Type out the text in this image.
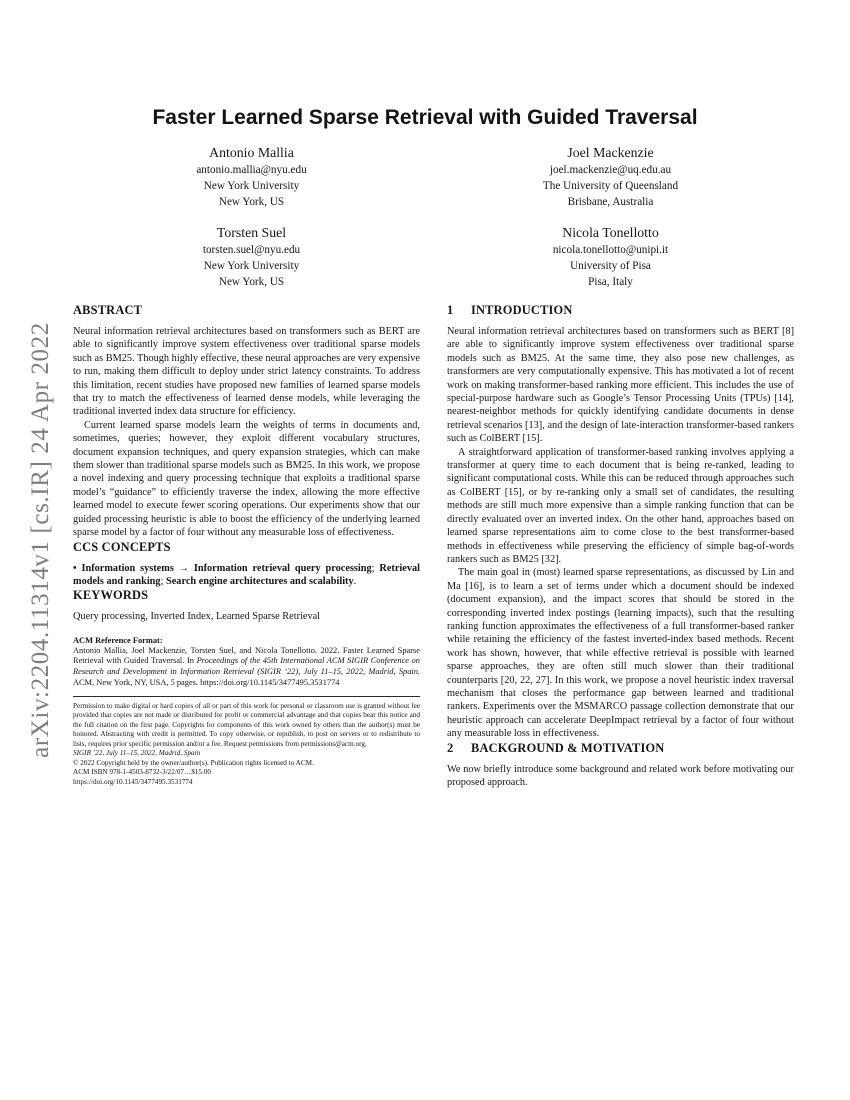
arXiv:2204.11314v1 [cs.IR] 24 Apr 2022
Faster Learned Sparse Retrieval with Guided Traversal
Antonio Mallia
antonio.mallia@nyu.edu
New York University
New York, US
Joel Mackenzie
joel.mackenzie@uq.edu.au
The University of Queensland
Brisbane, Australia
Torsten Suel
torsten.suel@nyu.edu
New York University
New York, US
Nicola Tonellotto
nicola.tonellotto@unipi.it
University of Pisa
Pisa, Italy
ABSTRACT

Neural information retrieval architectures based on transformers such as BERT are able to significantly improve system effectiveness over traditional sparse models such as BM25. Though highly effective, these neural approaches are very expensive to run, making them difficult to deploy under strict latency constraints. To address this limitation, recent studies have proposed new families of learned sparse models that try to match the effectiveness of learned dense models, while leveraging the traditional inverted index data structure for efficiency.

Current learned sparse models learn the weights of terms in documents and, sometimes, queries; however, they exploit different vocabulary structures, document expansion techniques, and query expansion strategies, which can make them slower than traditional sparse models such as BM25. In this work, we propose a novel indexing and query processing technique that exploits a traditional sparse model’s “guidance” to efficiently traverse the index, allowing the more effective learned model to execute fewer scoring operations. Our experiments show that our guided processing heuristic is able to boost the efficiency of the underlying learned sparse model by a factor of four without any measurable loss of effectiveness.

CCS CONCEPTS

• Information systems → Information retrieval query processing; Retrieval models and ranking; Search engine architectures and scalability.

KEYWORDS

Query processing, Inverted Index, Learned Sparse Retrieval

ACM Reference Format:

Antonio Mallia, Joel Mackenzie, Torsten Suel, and Nicola Tonellotto. 2022. Faster Learned Sparse Retrieval with Guided Traversal. In Proceedings of the 45th International ACM SIGIR Conference on Research and Development in Information Retrieval (SIGIR ’22), July 11–15, 2022, Madrid, Spain. ACM, New York, NY, USA, 5 pages. https://doi.org/10.1145/3477495.3531774

Permission to make digital or hard copies of all or part of this work for personal or classroom use is granted without fee provided that copies are not made or distributed for profit or commercial advantage and that copies bear this notice and the full citation on the first page. Copyrights for components of this work owned by others than the author(s) must be honored. Abstracting with credit is permitted. To copy otherwise, or republish, to post on servers or to redistribute to lists, requires prior specific permission and/or a fee. Request permissions from permissions@acm.org.

SIGIR ’22, July 11–15, 2022, Madrid, Spain
© 2022 Copyright held by the owner/author(s). Publication rights licensed to ACM.
ACM ISBN 978-1-4503-8732-3/22/07…$15.00
https://doi.org/10.1145/3477495.3531774
1 INTRODUCTION

Neural information retrieval architectures based on transformers such as BERT [8] are able to significantly improve system effectiveness over traditional sparse models such as BM25. At the same time, they also pose new challenges, as transformers are very computationally expensive. This has motivated a lot of recent work on making transformer-based ranking more efficient. This includes the use of special-purpose hardware such as Google’s Tensor Processing Units (TPUs) [14], nearest-neighbor methods for quickly identifying candidate documents in dense retrieval scenarios [13], and the design of late-interaction transformer-based rankers such as ColBERT [15].

A straightforward application of transformer-based ranking involves applying a transformer at query time to each document that is being re-ranked, leading to significant computational costs. While this can be reduced through approaches such as ColBERT [15], or by re-ranking only a small set of candidates, the resulting methods are still much more expensive than a simple ranking function that can be directly evaluated over an inverted index. On the other hand, approaches based on learned sparse representations aim to come close to the best transformer-based methods in effectiveness while preserving the efficiency of simple bag-of-words rankers such as BM25 [32].

The main goal in (most) learned sparse representations, as discussed by Lin and Ma [16], is to learn a set of terms under which a document should be indexed (document expansion), and the impact scores that should be stored in the corresponding inverted index postings (learning impacts), such that the resulting ranking function approximates the effectiveness of a full transformer-based ranker while retaining the efficiency of the fastest inverted-index based methods. Recent work has shown, however, that while effective retrieval is possible with learned sparse approaches, they are often still much slower than their traditional counterparts [20, 22, 27]. In this work, we propose a novel heuristic index traversal mechanism that closes the performance gap between learned and traditional rankers. Experiments over the MSMARCO passage collection demonstrate that our heuristic approach can accelerate DeepImpact retrieval by a factor of four without any measurable loss in effectiveness.

2 BACKGROUND & MOTIVATION

We now briefly introduce some background and related work before motivating our proposed approach.
